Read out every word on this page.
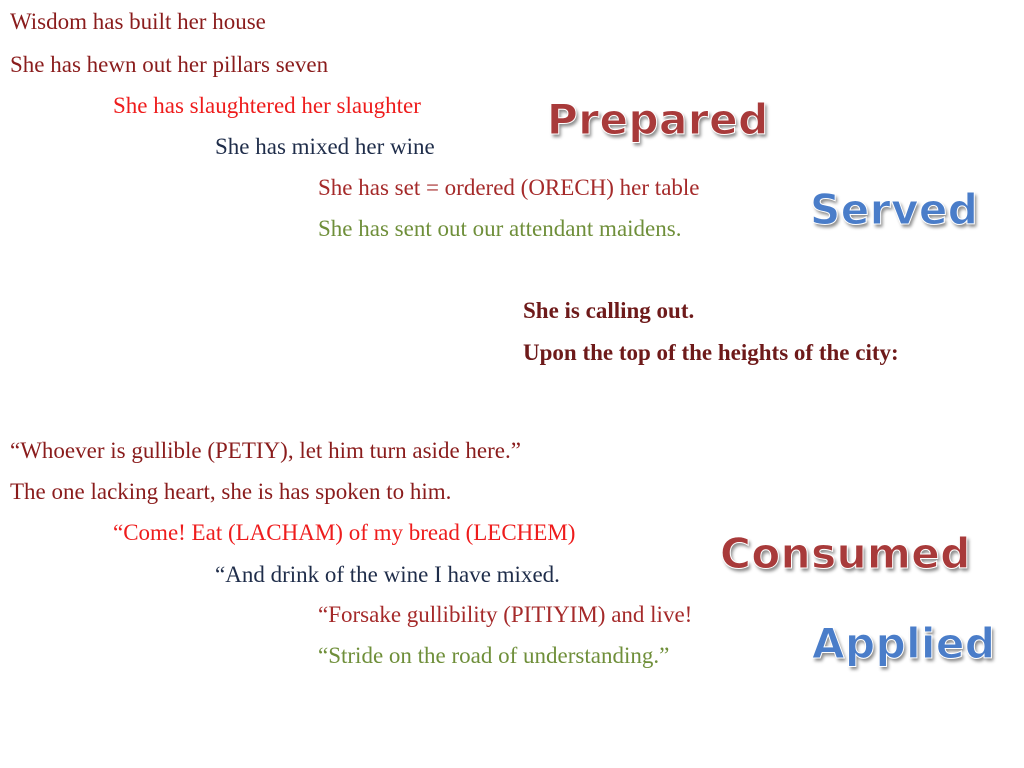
Wisdom has built her house
She has hewn out her pillars seven
She has slaughtered her slaughter
She has mixed her wine
She has set = ordered (ORECH) her table
She has sent out our attendant maidens.
She is calling out.
Upon the top of the heights of the city:
“Whoever is gullible (PETIY), let him turn aside here.”
The one lacking heart, she is has spoken to him.
“Come! Eat (LACHAM) of my bread (LECHEM)
“And drink of the wine I have mixed.
“Forsake gullibility (PITIYIM) and live!
“Stride on the road of understanding.”
Prepared
Served
Consumed
Applied
